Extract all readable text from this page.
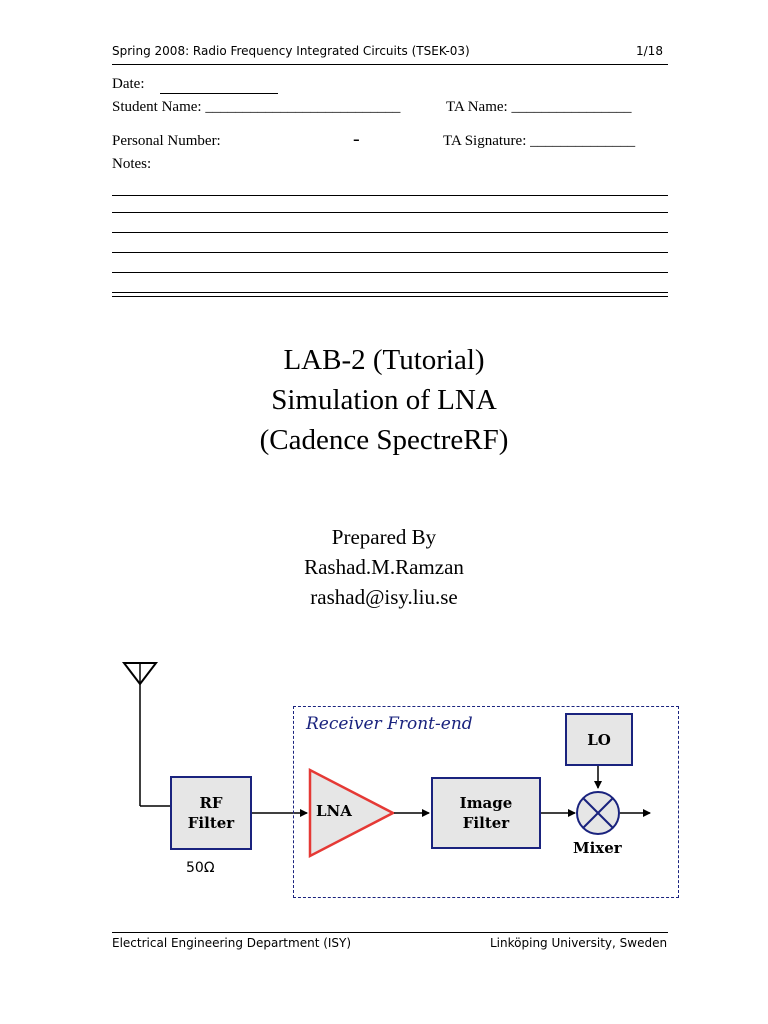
Spring 2008: Radio Frequency Integrated Circuits (TSEK-03)	1/18
Date:
Student Name: __________________________	TA Name: ________________
Personal Number:	-	TA Signature: ______________
Notes:
LAB-2 (Tutorial)
Simulation of LNA
(Cadence SpectreRF)
Prepared By
Rashad.M.Ramzan
rashad@isy.liu.se
Receiver Front-end
RF
Filter
50Ω
LNA	Image
Filter
LO
Mixer
Electrical Engineering Department (ISY)	Linköping University, Sweden
